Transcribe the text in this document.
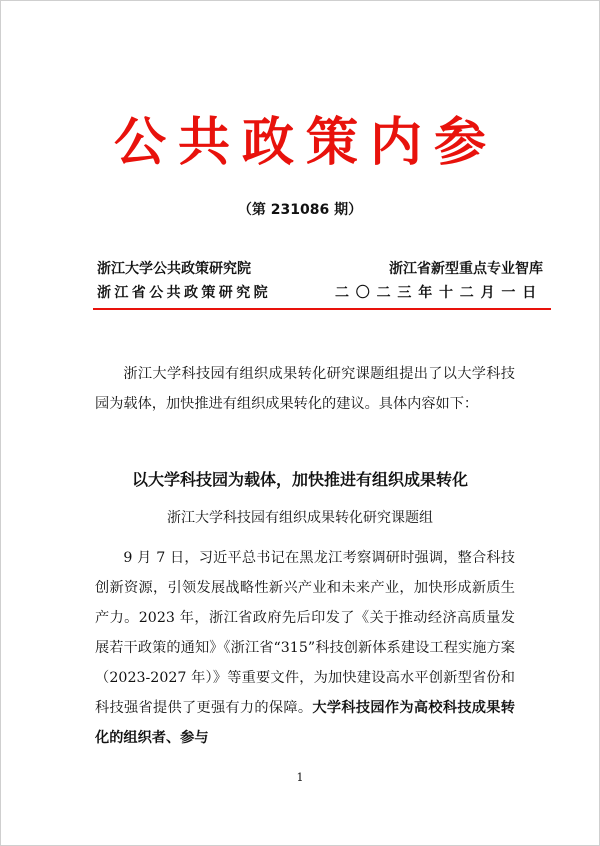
公共政策内参
（第 231086 期）
浙江大学公共政策研究院	浙江省新型重点专业智库
浙江省公共政策研究院	二〇二三年十二月一日
浙江大学科技园有组织成果转化研究课题组提出了以大学科技园为载体，加快推进有组织成果转化的建议。具体内容如下：
以大学科技园为载体，加快推进有组织成果转化
浙江大学科技园有组织成果转化研究课题组
9 月 7 日，习近平总书记在黑龙江考察调研时强调，整合科技创新资源，引领发展战略性新兴产业和未来产业，加快形成新质生产力。2023 年，浙江省政府先后印发了《关于推动经济高质量发展若干政策的通知》《浙江省“315”科技创新体系建设工程实施方案（2023-2027 年）》等重要文件，为加快建设高水平创新型省份和科技强省提供了更强有力的保障。大学科技园作为高校科技成果转化的组织者、参与
1
